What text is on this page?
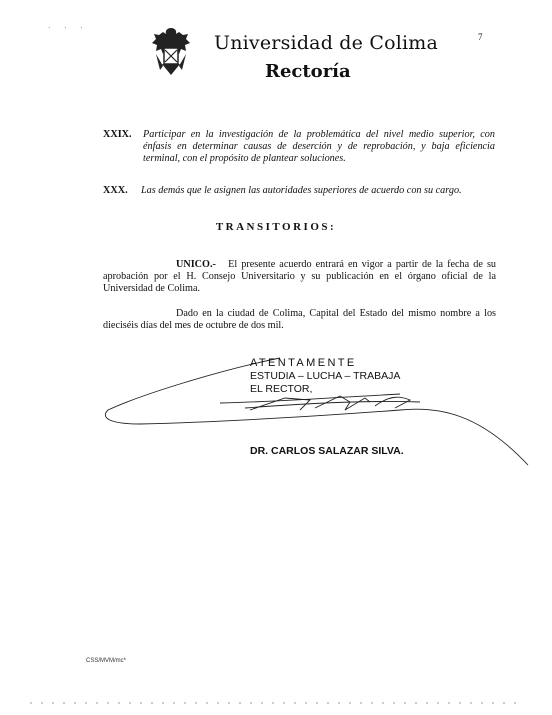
· · ·
Universidad de Colima
Rectoría
7
XXIX.	Participar en la investigación de la problemática del nivel medio superior, con énfasis en determinar causas de deserción y de reprobación, y baja eficiencia terminal, con el propósito de plantear soluciones.
XXX.	Las demás que le asignen las autoridades superiores de acuerdo con su cargo.
TRANSITORIOS:
UNICO.- El presente acuerdo entrará en vigor a partir de la fecha de su aprobación por el H. Consejo Universitario y su publicación en el órgano oficial de la Universidad de Colima.
Dado en la ciudad de Colima, Capital del Estado del mismo nombre a los dieciséis días del mes de octubre de dos mil.
ATENTAMENTE
ESTUDIA – LUCHA – TRABAJA
EL RECTOR,
DR. CARLOS SALAZAR SILVA.
CSS/MVM/mc*
